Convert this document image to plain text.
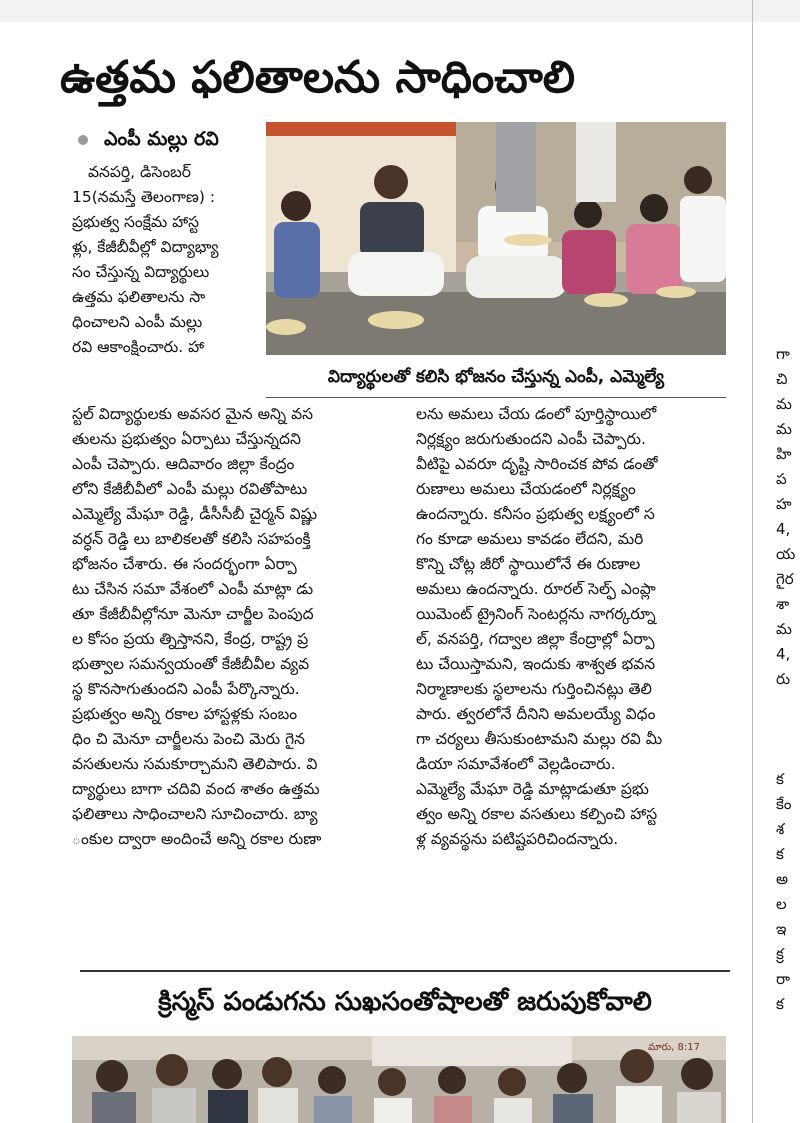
ఉత్తమ ఫలితాలను సాధించాలి
ఎంపీ మల్లు రవి
విద్యార్థులతో కలిసి భోజనం చేస్తున్న ఎంపీ, ఎమ్మెల్యే
వనపర్తి, డిసెంబర్
15(నమస్తే తెలంగాణ) :
ప్రభుత్వ సంక్షేమ హాస్ట
ళ్లు, కేజీబీవీల్లో విద్యాభ్యా
సం చేస్తున్న విద్యార్థులు
ఉత్తమ ఫలితాలను సా
ధించాలని ఎంపీ మల్లు
రవి ఆకాంక్షించారు. హా
స్టల్ విద్యార్థులకు అవసర మైన అన్ని వస
తులను ప్రభుత్వం ఏర్పాటు చేస్తున్నదని
ఎంపీ చెప్పారు. ఆదివారం జిల్లా కేంద్రం
లోని కేజీబీవీలో ఎంపీ మల్లు రవితోపాటు
ఎమ్మెల్యే మేఘా రెడ్డి, డీసీసీబీ చైర్మన్ విష్ణు
వర్ధన్ రెడ్డి లు బాలికలతో కలిసి సహపంక్తి
భోజనం చేశారు. ఈ సందర్భంగా ఏర్పా
టు చేసిన సమా వేశంలో ఎంపీ మాట్లా డు
తూ కేజీబీవీల్లోనూ మెనూ చార్జీల పెంపుద
ల కోసం ప్రయ త్నిస్తానని, కేంద్ర, రాష్ట్ర ప్ర
భుత్వాల సమన్వయంతో కేజీబీవీల వ్యవ
స్థ కొనసాగుతుందని ఎంపీ పేర్కొన్నారు.
ప్రభుత్వం అన్ని రకాల హాస్టళ్లకు సంబం
ధిం చి మెనూ చార్జీలను పెంచి మెరు గైన
వసతులను సమకూర్చామని తెలిపారు. వి
ద్యార్థులు బాగా చదివి వంద శాతం ఉత్తమ
ఫలితాలు సాధించాలని సూచించారు. బ్యా
ంకుల ద్వారా అందించే అన్ని రకాల రుణా
లను అమలు చేయ డంలో పూర్తిస్థాయిలో
నిర్లక్ష్యం జరుగుతుందని ఎంపీ చెప్పారు.
వీటిపై ఎవరూ దృష్టి సారించక పోవ డంతో
రుణాలు అమలు చేయడంలో నిర్లక్ష్యం
ఉందన్నారు. కనీసం ప్రభుత్వ లక్ష్యంలో స
గం కూడా అమలు కావడం లేదని, మరి
కొన్ని చోట్ల జీరో స్థాయిలోనే ఈ రుణాల
అమలు ఉందన్నారు. రూరల్ సెల్ఫ్ ఎంప్లా
యిమెంట్ ట్రైనింగ్ సెంటర్లను నాగర్కర్నూ
ల్, వనపర్తి, గద్వాల జిల్లా కేంద్రాల్లో ఏర్పా
టు చేయిస్తామని, ఇందుకు శాశ్వత భవన
నిర్మాణాలకు స్థలాలను గుర్తించినట్లు తెలి
పారు. త్వరలోనే దీనిని అమలయ్యే విధం
గా చర్యలు తీసుకుంటామని మల్లు రవి మీ
డియా సమావేశంలో వెల్లడించారు.
ఎమ్మెల్యే మేఘా రెడ్డి మాట్లాడుతూ ప్రభు
త్వం అన్ని రకాల వసతులు కల్పించి హాస్ట
ళ్ల వ్యవస్థను పటిష్టపరిచిందన్నారు.
క్రిస్మస్ పండుగను సుఖసంతోషాలతో జరుపుకోవాలి
మారు, 8:17
గా
చి
మ
మ
హి
ప
హ
4,
య
గైర
శా
మ
4,
రు
క
కేం
శ
క
అ
ల
ఇ
క్ర
రా
క
